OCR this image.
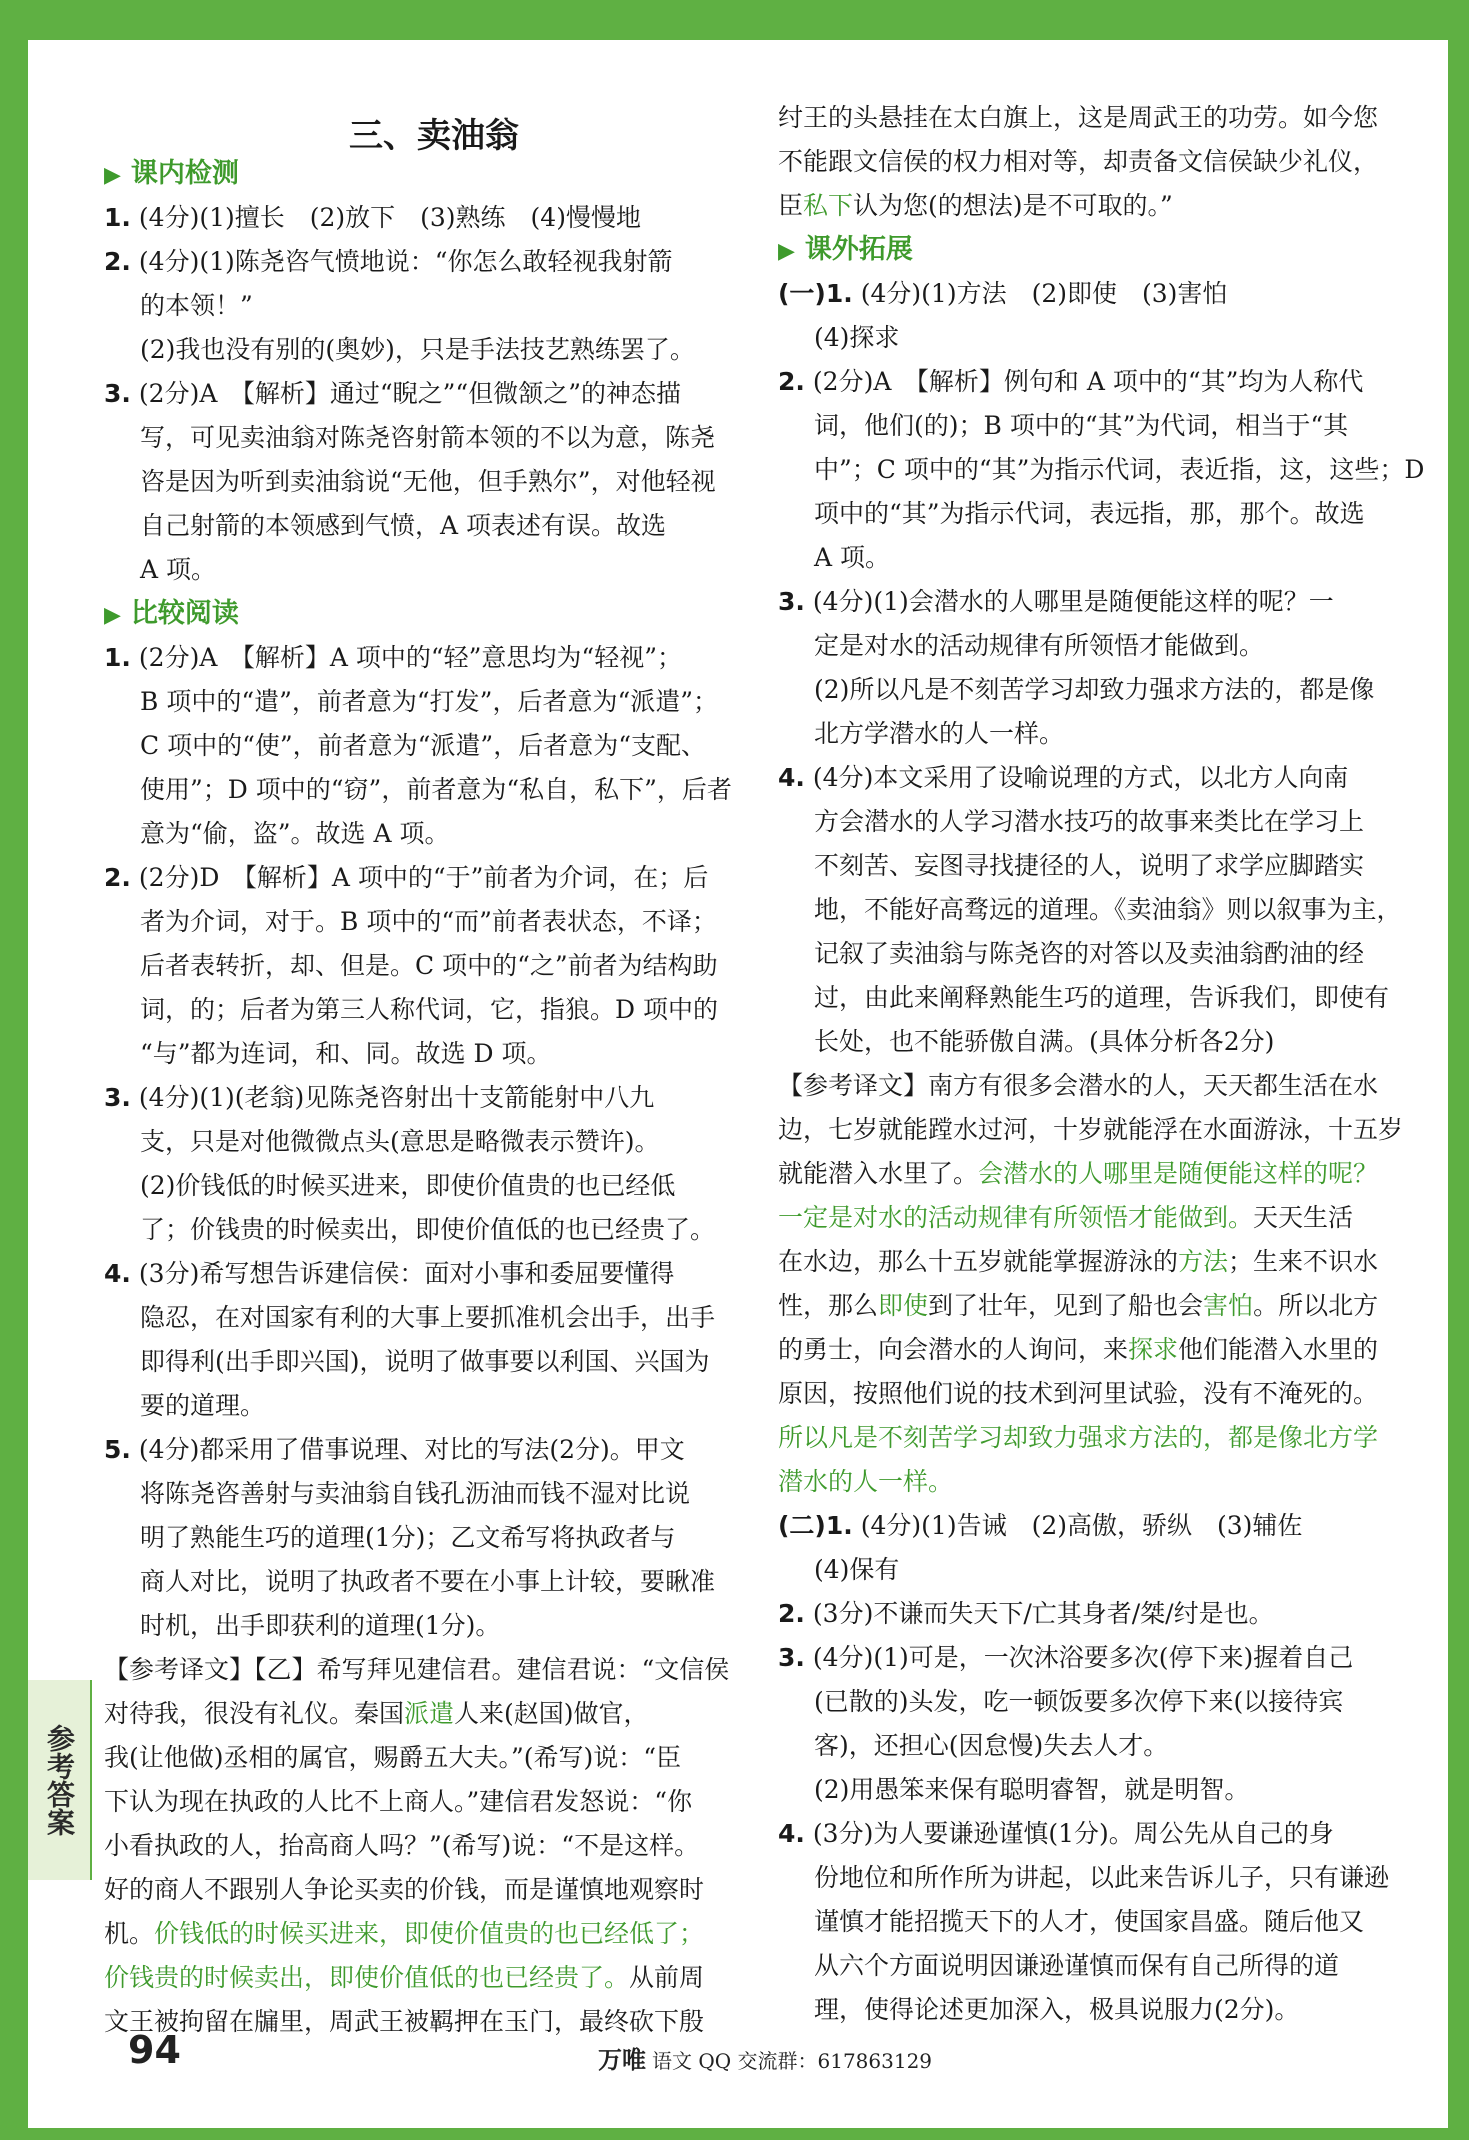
参考答案
三、卖油翁
▶ 课内检测
1. (4分)(1)擅长　(2)放下　(3)熟练　(4)慢慢地
2. (4分)(1)陈尧咨气愤地说：“你怎么敢轻视我射箭
的本领！”
(2)我也没有别的(奥妙)，只是手法技艺熟练罢了。
3. (2分)A　【解析】通过“睨之”“但微颔之”的神态描
写，可见卖油翁对陈尧咨射箭本领的不以为意，陈尧
咨是因为听到卖油翁说“无他，但手熟尔”，对他轻视
自己射箭的本领感到气愤，A 项表述有误。故选
A 项。
▶ 比较阅读
1. (2分)A　【解析】A 项中的“轻”意思均为“轻视”；
B 项中的“遣”，前者意为“打发”，后者意为“派遣”；
C 项中的“使”，前者意为“派遣”，后者意为“支配、
使用”；D 项中的“窃”，前者意为“私自，私下”，后者
意为“偷，盗”。故选 A 项。
2. (2分)D　【解析】A 项中的“于”前者为介词，在；后
者为介词，对于。B 项中的“而”前者表状态，不译；
后者表转折，却、但是。C 项中的“之”前者为结构助
词，的；后者为第三人称代词，它，指狼。D 项中的
“与”都为连词，和、同。故选 D 项。
3. (4分)(1)(老翁)见陈尧咨射出十支箭能射中八九
支，只是对他微微点头(意思是略微表示赞许)。
(2)价钱低的时候买进来，即使价值贵的也已经低
了；价钱贵的时候卖出，即使价值低的也已经贵了。
4. (3分)希写想告诉建信侯：面对小事和委屈要懂得
隐忍，在对国家有利的大事上要抓准机会出手，出手
即得利(出手即兴国)，说明了做事要以利国、兴国为
要的道理。
5. (4分)都采用了借事说理、对比的写法(2分)。甲文
将陈尧咨善射与卖油翁自钱孔沥油而钱不湿对比说
明了熟能生巧的道理(1分)；乙文希写将执政者与
商人对比，说明了执政者不要在小事上计较，要瞅准
时机，出手即获利的道理(1分)。
【参考译文】【乙】希写拜见建信君。建信君说：“文信侯
对待我，很没有礼仪。秦国派遣人来(赵国)做官，
我(让他做)丞相的属官，赐爵五大夫。”(希写)说：“臣
下认为现在执政的人比不上商人。”建信君发怒说：“你
小看执政的人，抬高商人吗？”(希写)说：“不是这样。
好的商人不跟别人争论买卖的价钱，而是谨慎地观察时
机。价钱低的时候买进来，即使价值贵的也已经低了；
价钱贵的时候卖出，即使价值低的也已经贵了。从前周
文王被拘留在牖里，周武王被羁押在玉门，最终砍下殷
纣王的头悬挂在太白旗上，这是周武王的功劳。如今您
不能跟文信侯的权力相对等，却责备文信侯缺少礼仪，
臣私下认为您(的想法)是不可取的。”
▶ 课外拓展
(一)1. (4分)(1)方法　(2)即使　(3)害怕
(4)探求
2. (2分)A　【解析】例句和 A 项中的“其”均为人称代
词，他们(的)；B 项中的“其”为代词，相当于“其
中”；C 项中的“其”为指示代词，表近指，这，这些；D
项中的“其”为指示代词，表远指，那，那个。故选
A 项。
3. (4分)(1)会潜水的人哪里是随便能这样的呢？一
定是对水的活动规律有所领悟才能做到。
(2)所以凡是不刻苦学习却致力强求方法的，都是像
北方学潜水的人一样。
4. (4分)本文采用了设喻说理的方式，以北方人向南
方会潜水的人学习潜水技巧的故事来类比在学习上
不刻苦、妄图寻找捷径的人，说明了求学应脚踏实
地，不能好高骛远的道理。《卖油翁》则以叙事为主，
记叙了卖油翁与陈尧咨的对答以及卖油翁酌油的经
过，由此来阐释熟能生巧的道理，告诉我们，即使有
长处，也不能骄傲自满。(具体分析各2分)
【参考译文】南方有很多会潜水的人，天天都生活在水
边，七岁就能蹚水过河，十岁就能浮在水面游泳，十五岁
就能潜入水里了。会潜水的人哪里是随便能这样的呢？
一定是对水的活动规律有所领悟才能做到。天天生活
在水边，那么十五岁就能掌握游泳的方法；生来不识水
性，那么即使到了壮年，见到了船也会害怕。所以北方
的勇士，向会潜水的人询问，来探求他们能潜入水里的
原因，按照他们说的技术到河里试验，没有不淹死的。
所以凡是不刻苦学习却致力强求方法的，都是像北方学
潜水的人一样。
(二)1. (4分)(1)告诫　(2)高傲，骄纵　(3)辅佐
(4)保有
2. (3分)不谦而失天下/亡其身者/桀/纣是也。
3. (4分)(1)可是，一次沐浴要多次(停下来)握着自己
(已散的)头发，吃一顿饭要多次停下来(以接待宾
客)，还担心(因怠慢)失去人才。
(2)用愚笨来保有聪明睿智，就是明智。
4. (3分)为人要谦逊谨慎(1分)。周公先从自己的身
份地位和所作所为讲起，以此来告诉儿子，只有谦逊
谨慎才能招揽天下的人才，使国家昌盛。随后他又
从六个方面说明因谦逊谨慎而保有自己所得的道
理，使得论述更加深入，极具说服力(2分)。
94	万唯 语文 QQ 交流群：617863129
